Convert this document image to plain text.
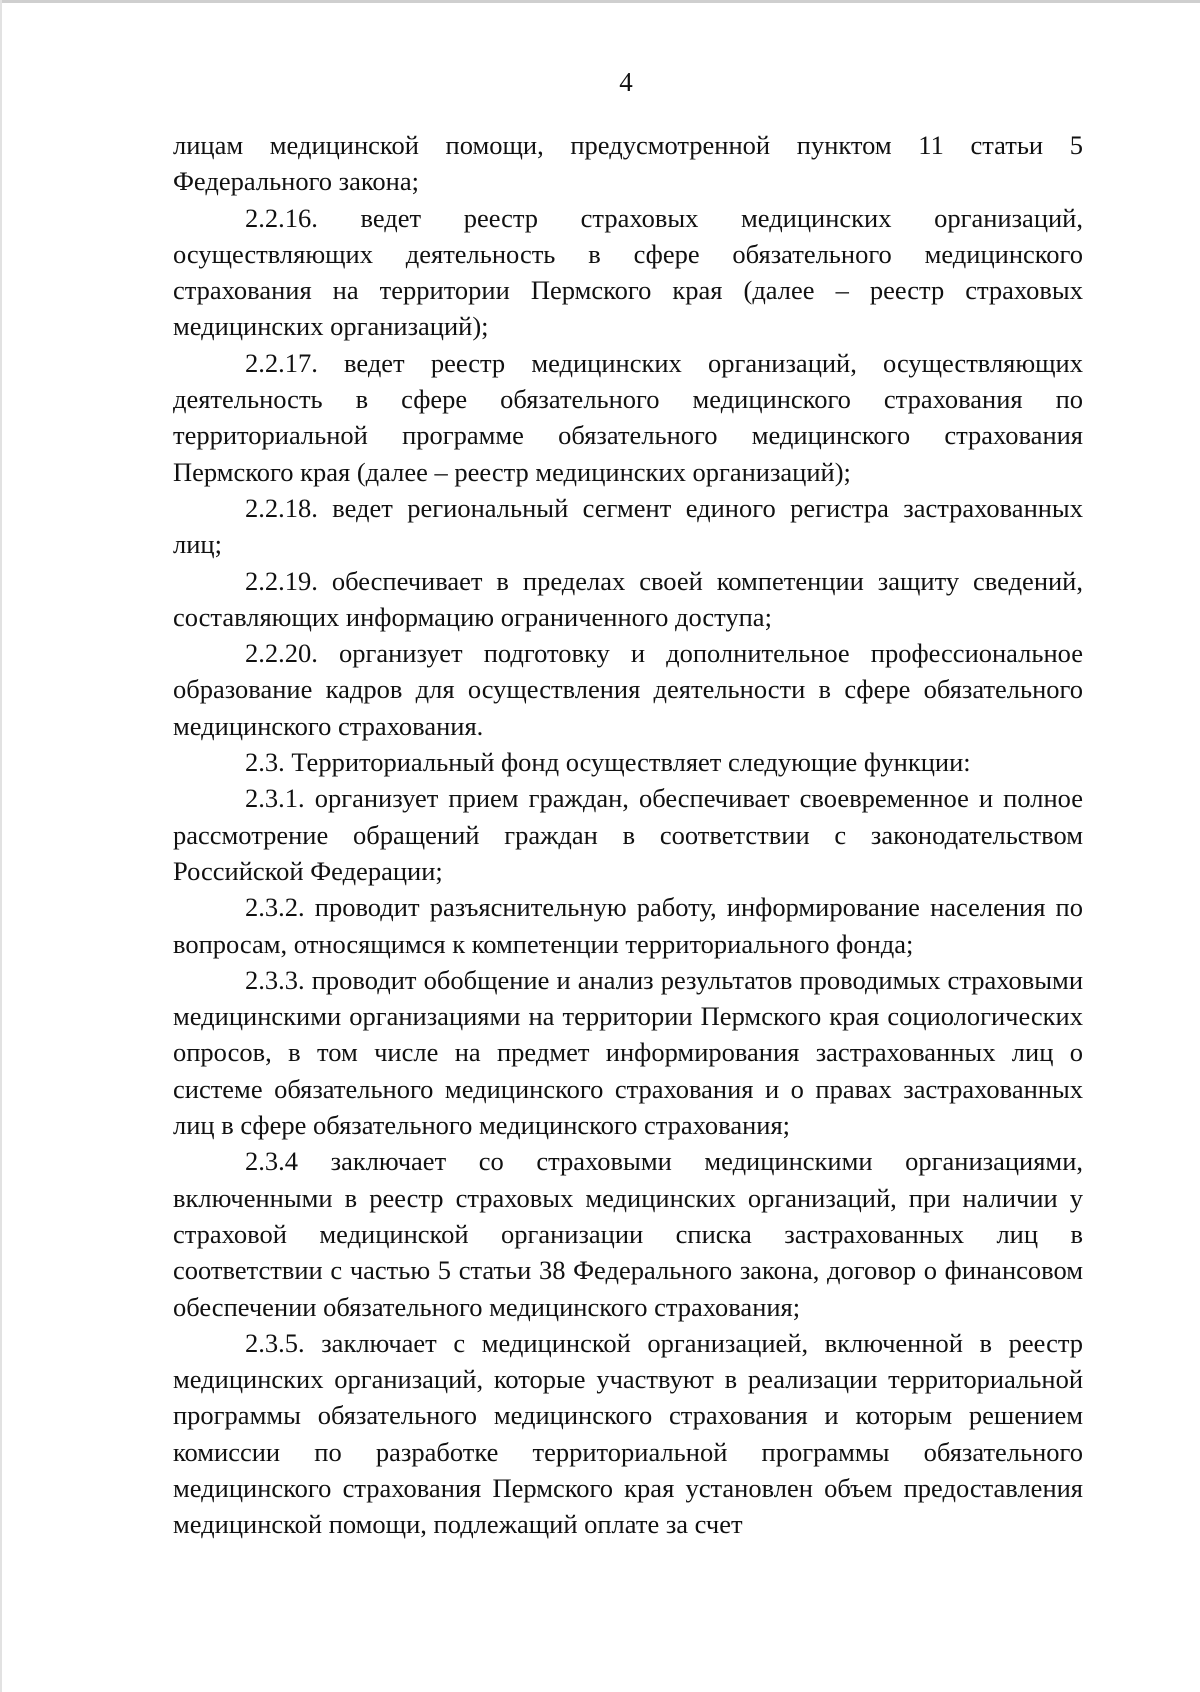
4

лицам медицинской помощи, предусмотренной пунктом 11 статьи 5 Федерального закона;

2.2.16. ведет реестр страховых медицинских организаций, осуществляющих деятельность в сфере обязательного медицинского страхования на территории Пермского края (далее – реестр страховых медицинских организаций);

2.2.17. ведет реестр медицинских организаций, осуществляющих деятельность в сфере обязательного медицинского страхования по территориальной программе обязательного медицинского страхования Пермского края (далее – реестр медицинских организаций);

2.2.18. ведет региональный сегмент единого регистра застрахованных лиц;

2.2.19. обеспечивает в пределах своей компетенции защиту сведений, составляющих информацию ограниченного доступа;

2.2.20. организует подготовку и дополнительное профессиональное образование кадров для осуществления деятельности в сфере обязательного медицинского страхования.

2.3. Территориальный фонд осуществляет следующие функции:

2.3.1. организует прием граждан, обеспечивает своевременное и полное рассмотрение обращений граждан в соответствии с законодательством Российской Федерации;

2.3.2. проводит разъяснительную работу, информирование населения по вопросам, относящимся к компетенции территориального фонда;

2.3.3. проводит обобщение и анализ результатов проводимых страховыми медицинскими организациями на территории Пермского края социологических опросов, в том числе на предмет информирования застрахованных лиц о системе обязательного медицинского страхования и о правах застрахованных лиц в сфере обязательного медицинского страхования;

2.3.4 заключает со страховыми медицинскими организациями, включенными в реестр страховых медицинских организаций, при наличии у страховой медицинской организации списка застрахованных лиц в соответствии с частью 5 статьи 38 Федерального закона, договор о финансовом обеспечении обязательного медицинского страхования;

2.3.5. заключает с медицинской организацией, включенной в реестр медицинских организаций, которые участвуют в реализации территориальной программы обязательного медицинского страхования и которым решением комиссии по разработке территориальной программы обязательного медицинского страхования Пермского края установлен объем предоставления медицинской помощи, подлежащий оплате за счет
